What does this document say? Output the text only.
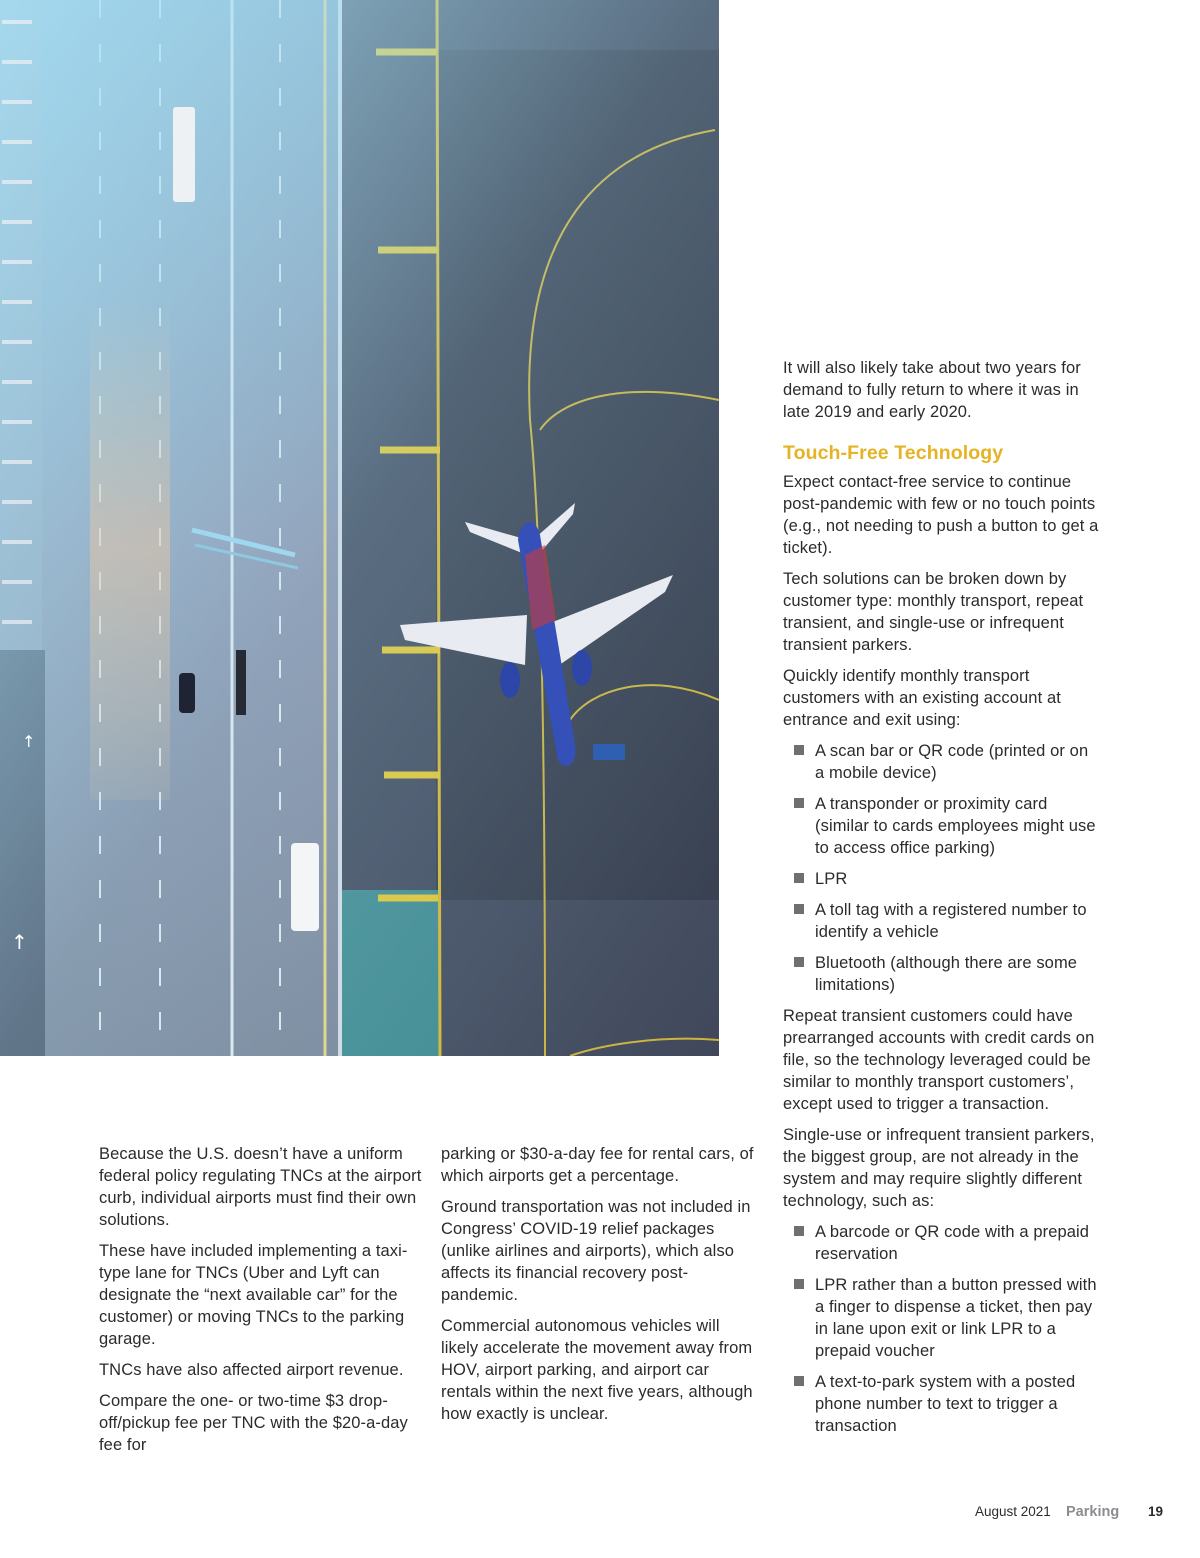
↑
↑

Because the U.S. doesn’t have a uniform federal policy regulating TNCs at the airport curb, individual airports must find their own solutions.

These have included implementing a taxi-type lane for TNCs (Uber and Lyft can designate the “next available car” for the customer) or moving TNCs to the parking garage.

TNCs have also affected airport revenue.

Compare the one- or two-time $3 drop-off/pickup fee per TNC with the $20-a-day fee for

parking or $30-a-day fee for rental cars, of which airports get a percentage.

Ground transportation was not included in Congress’ COVID-19 relief packages (unlike airlines and airports), which also affects its financial recovery post-pandemic.

Commercial autonomous vehicles will likely accelerate the movement away from HOV, airport parking, and airport car rentals within the next five years, although how exactly is unclear.

It will also likely take about two years for demand to fully return to where it was in late 2019 and early 2020.

Touch-Free Technology

Expect contact-free service to continue post-pandemic with few or no touch points (e.g., not needing to push a button to get a ticket).

Tech solutions can be broken down by customer type: monthly transport, repeat transient, and single-use or infrequent transient parkers.

Quickly identify monthly transport customers with an existing account at entrance and exit using:

A scan bar or QR code (printed or on a mobile device)
A transponder or proximity card (similar to cards employees might use to access office parking)
LPR
A toll tag with a registered number to identify a vehicle
Bluetooth (although there are some limitations)

Repeat transient customers could have prearranged accounts with credit cards on file, so the technology leveraged could be similar to monthly transport customers’, except used to trigger a transaction.

Single-use or infrequent transient parkers, the biggest group, are not already in the system and may require slightly different technology, such as:

A barcode or QR code with a prepaid reservation
LPR rather than a button pressed with a finger to dispense a ticket, then pay in lane upon exit or link LPR to a prepaid voucher
A text-to-park system with a posted phone number to text to trigger a transaction
August 2021 Parking 19
